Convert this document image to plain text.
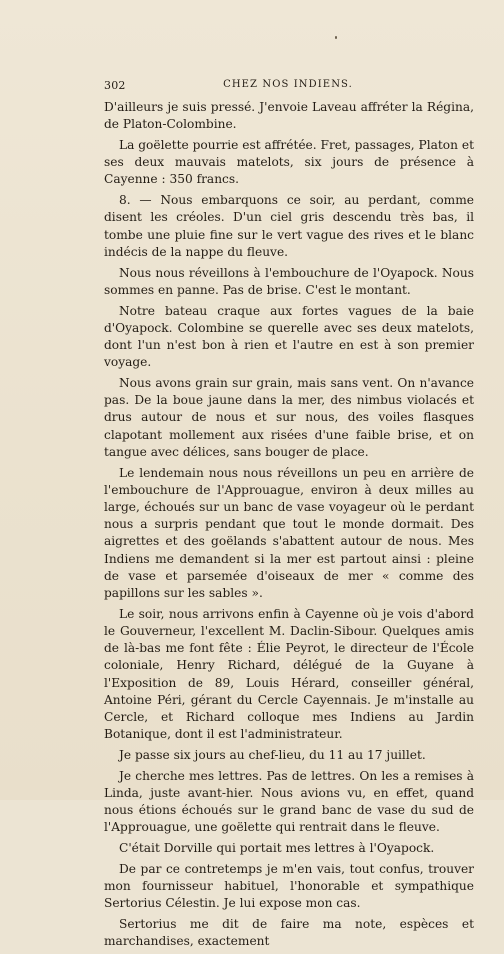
302	CHEZ NOS INDIENS.

D'ailleurs je suis pressé. J'envoie Laveau affréter la Régina, de Platon-Colombine.

La goëlette pourrie est affrétée. Fret, passages, Platon et ses deux mauvais matelots, six jours de présence à Cayenne : 350 francs.

8. — Nous embarquons ce soir, au perdant, comme disent les créoles. D'un ciel gris descendu très bas, il tombe une pluie fine sur le vert vague des rives et le blanc indécis de la nappe du fleuve.

Nous nous réveillons à l'embouchure de l'Oyapock. Nous sommes en panne. Pas de brise. C'est le montant.

Notre bateau craque aux fortes vagues de la baie d'Oyapock. Colombine se querelle avec ses deux matelots, dont l'un n'est bon à rien et l'autre en est à son premier voyage.

Nous avons grain sur grain, mais sans vent. On n'avance pas. De la boue jaune dans la mer, des nimbus violacés et drus autour de nous et sur nous, des voiles flasques clapotant mollement aux risées d'une faible brise, et on tangue avec délices, sans bouger de place.

Le lendemain nous nous réveillons un peu en arrière de l'embouchure de l'Approuague, environ à deux milles au large, échoués sur un banc de vase voyageur où le perdant nous a surpris pendant que tout le monde dormait. Des aigrettes et des goëlands s'abattent autour de nous. Mes Indiens me demandent si la mer est partout ainsi : pleine de vase et parsemée d'oiseaux de mer « comme des papillons sur les sables ».

Le soir, nous arrivons enfin à Cayenne où je vois d'abord le Gouverneur, l'excellent M. Daclin-Sibour. Quelques amis de là-bas me font fête : Élie Peyrot, le directeur de l'École coloniale, Henry Richard, délégué de la Guyane à l'Exposition de 89, Louis Hérard, conseiller général, Antoine Péri, gérant du Cercle Cayennais. Je m'installe au Cercle, et Richard colloque mes Indiens au Jardin Botanique, dont il est l'administrateur.

Je passe six jours au chef-lieu, du 11 au 17 juillet.

Je cherche mes lettres. Pas de lettres. On les a remises à Linda, juste avant-hier. Nous avions vu, en effet, quand nous étions échoués sur le grand banc de vase du sud de l'Approuague, une goëlette qui rentrait dans le fleuve.

C'était Dorville qui portait mes lettres à l'Oyapock.

De par ce contretemps je m'en vais, tout confus, trouver mon fournisseur habituel, l'honorable et sympathique Sertorius Célestin. Je lui expose mon cas.

Sertorius me dit de faire ma note, espèces et marchandises, exactement
